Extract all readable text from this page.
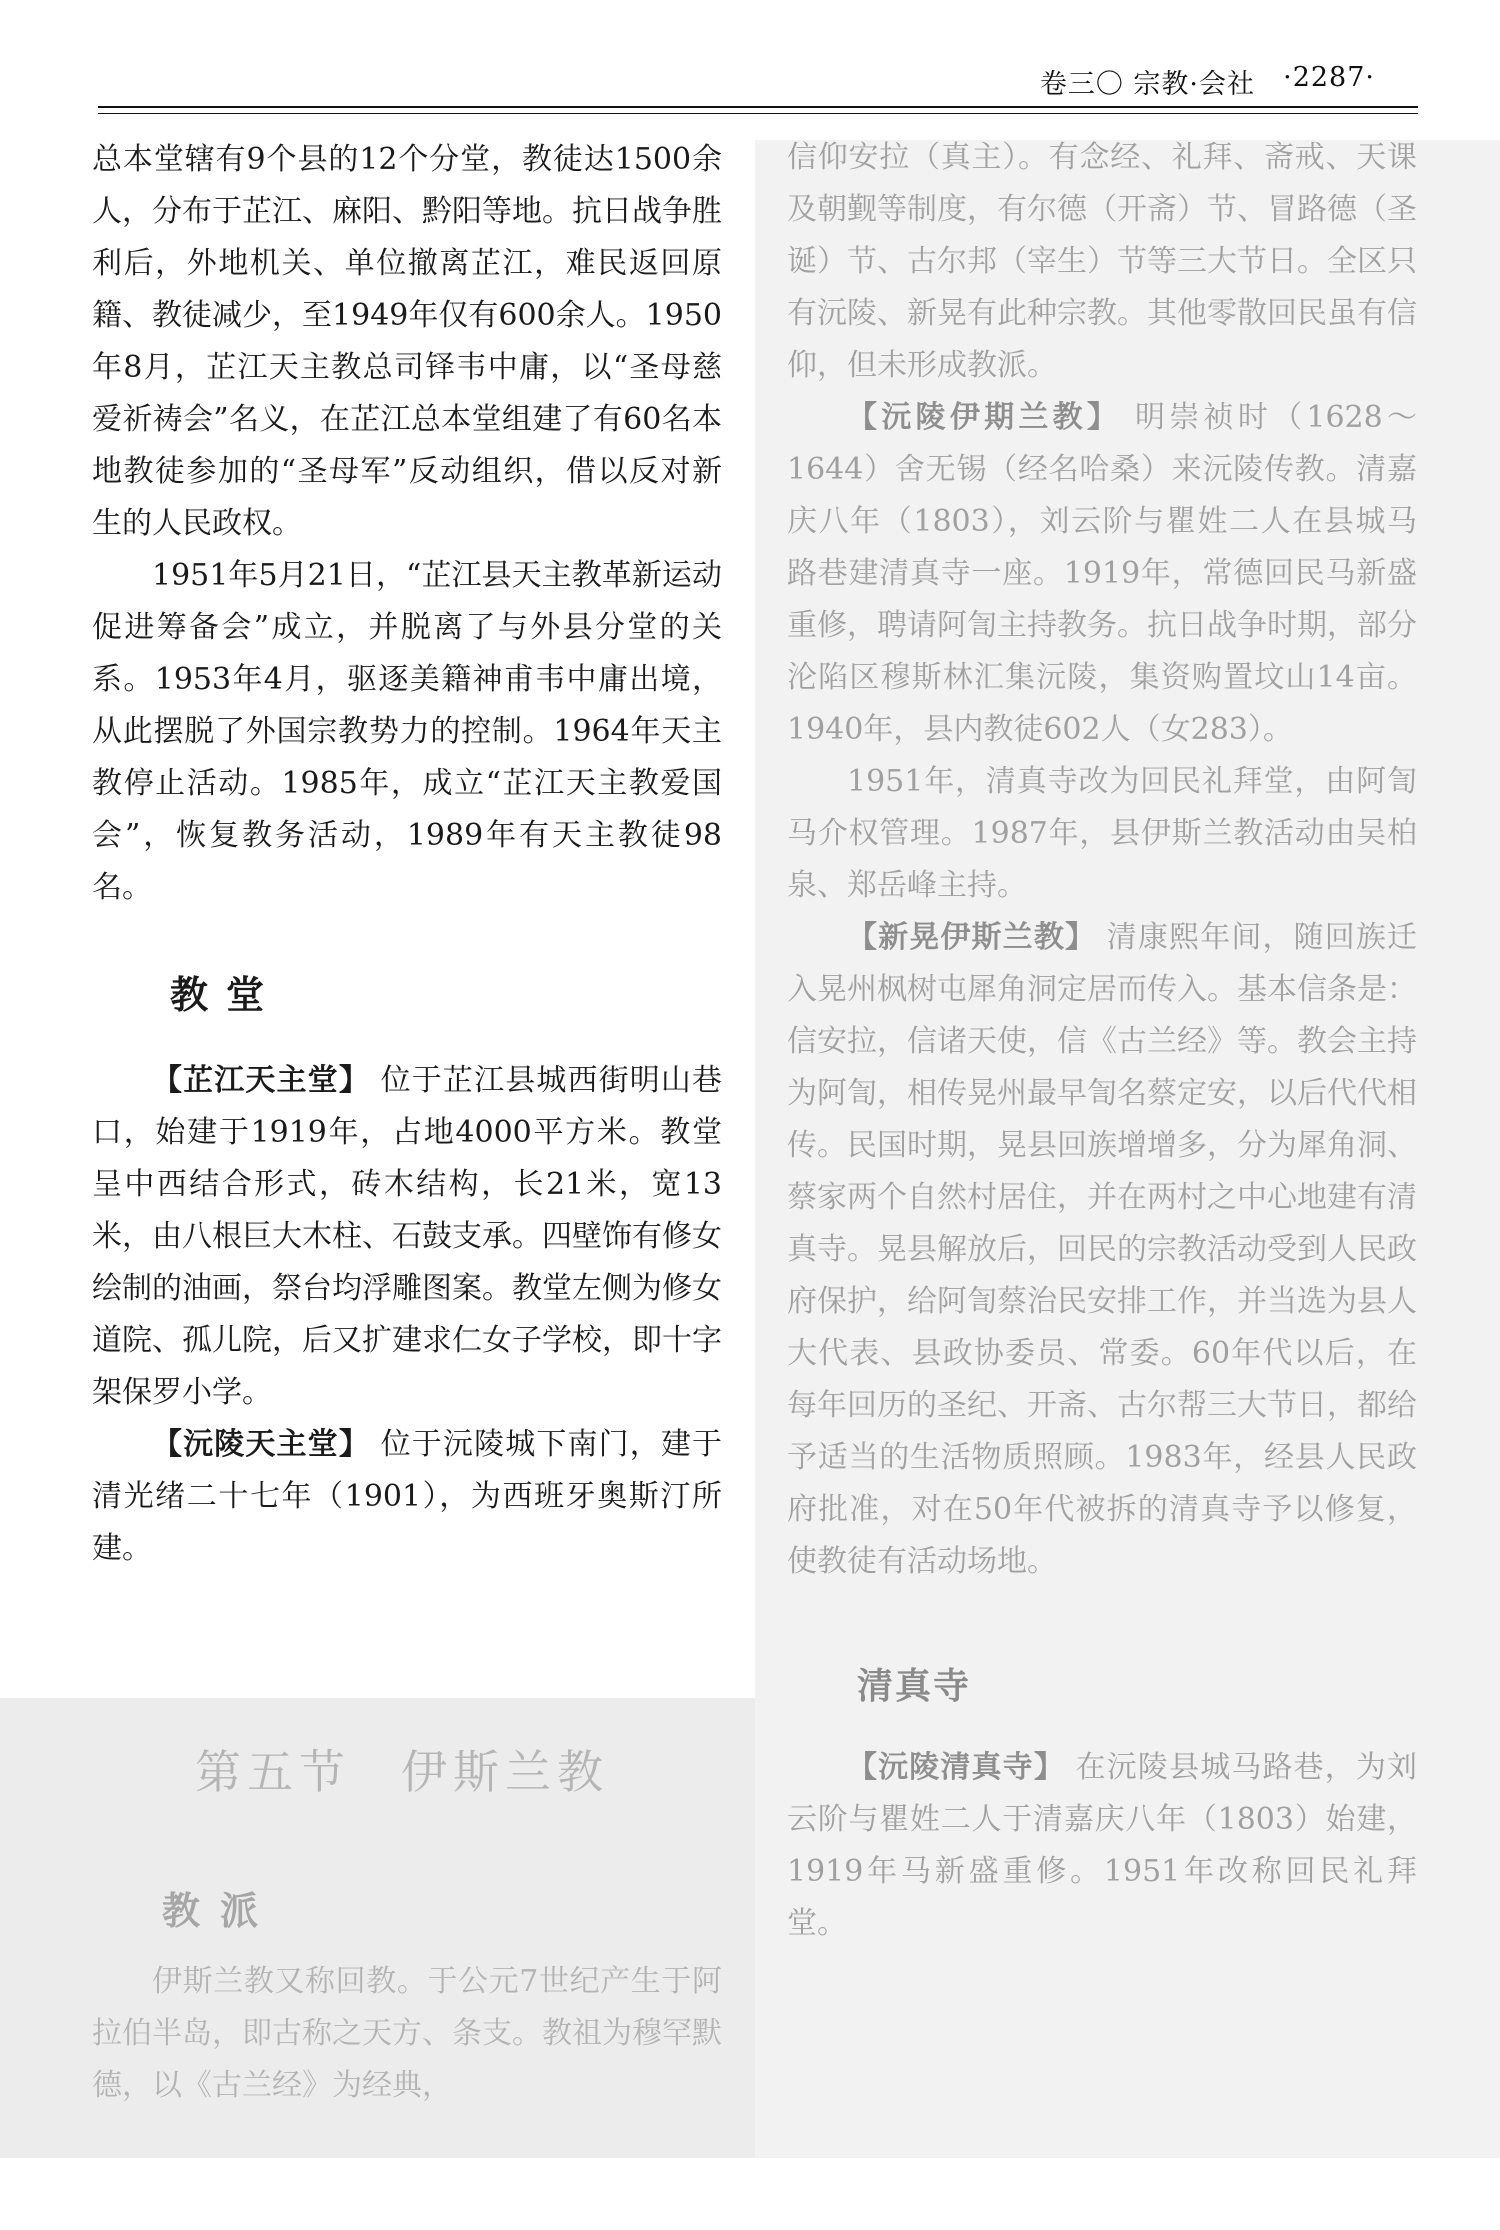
卷三〇 宗教·会社 ·2287·

总本堂辖有9个县的12个分堂，教徒达1500余人，分布于芷江、麻阳、黔阳等地。抗日战争胜利后，外地机关、单位撤离芷江，难民返回原籍、教徒减少，至1949年仅有600余人。1950年8月，芷江天主教总司铎韦中庸，以“圣母慈爱祈祷会”名义，在芷江总本堂组建了有60名本地教徒参加的“圣母军”反动组织，借以反对新生的人民政权。

1951年5月21日，“芷江县天主教革新运动促进筹备会”成立，并脱离了与外县分堂的关系。1953年4月，驱逐美籍神甫韦中庸出境，从此摆脱了外国宗教势力的控制。1964年天主教停止活动。1985年，成立“芷江天主教爱国会”，恢复教务活动，1989年有天主教徒98名。

教堂

【芷江天主堂】 位于芷江县城西街明山巷口，始建于1919年，占地4000平方米。教堂呈中西结合形式，砖木结构，长21米，宽13米，由八根巨大木柱、石鼓支承。四壁饰有修女绘制的油画，祭台均浮雕图案。教堂左侧为修女道院、孤儿院，后又扩建求仁女子学校，即十字架保罗小学。

【沅陵天主堂】 位于沅陵城下南门，建于清光绪二十七年（1901），为西班牙奥斯汀所建。

第五节 伊斯兰教
教派

伊斯兰教又称回教。于公元7世纪产生于阿拉伯半岛，即古称之天方、条支。教祖为穆罕默德，以《古兰经》为经典，

信仰安拉（真主）。有念经、礼拜、斋戒、天课及朝觐等制度，有尔德（开斋）节、冒路德（圣诞）节、古尔邦（宰生）节等三大节日。全区只有沅陵、新晃有此种宗教。其他零散回民虽有信仰，但未形成教派。

【沅陵伊期兰教】 明崇祯时（1628～1644）舍无锡（经名哈桑）来沅陵传教。清嘉庆八年（1803），刘云阶与瞿姓二人在县城马路巷建清真寺一座。1919年，常德回民马新盛重修，聘请阿訇主持教务。抗日战争时期，部分沦陷区穆斯林汇集沅陵，集资购置坟山14亩。1940年，县内教徒602人（女283）。

1951年，清真寺改为回民礼拜堂，由阿訇马介权管理。1987年，县伊斯兰教活动由吴柏泉、郑岳峰主持。

【新晃伊斯兰教】 清康熙年间，随回族迁入晃州枫树屯犀角洞定居而传入。基本信条是：信安拉，信诸天使，信《古兰经》等。教会主持为阿訇，相传晃州最早訇名蔡定安，以后代代相传。民国时期，晃县回族增增多，分为犀角洞、蔡家两个自然村居住，并在两村之中心地建有清真寺。晃县解放后，回民的宗教活动受到人民政府保护，给阿訇蔡治民安排工作，并当选为县人大代表、县政协委员、常委。60年代以后，在每年回历的圣纪、开斋、古尔帮三大节日，都给予适当的生活物质照顾。1983年，经县人民政府批准，对在50年代被拆的清真寺予以修复，使教徒有活动场地。

清真寺

【沅陵清真寺】 在沅陵县城马路巷，为刘云阶与瞿姓二人于清嘉庆八年（1803）始建，1919年马新盛重修。1951年改称回民礼拜堂。
